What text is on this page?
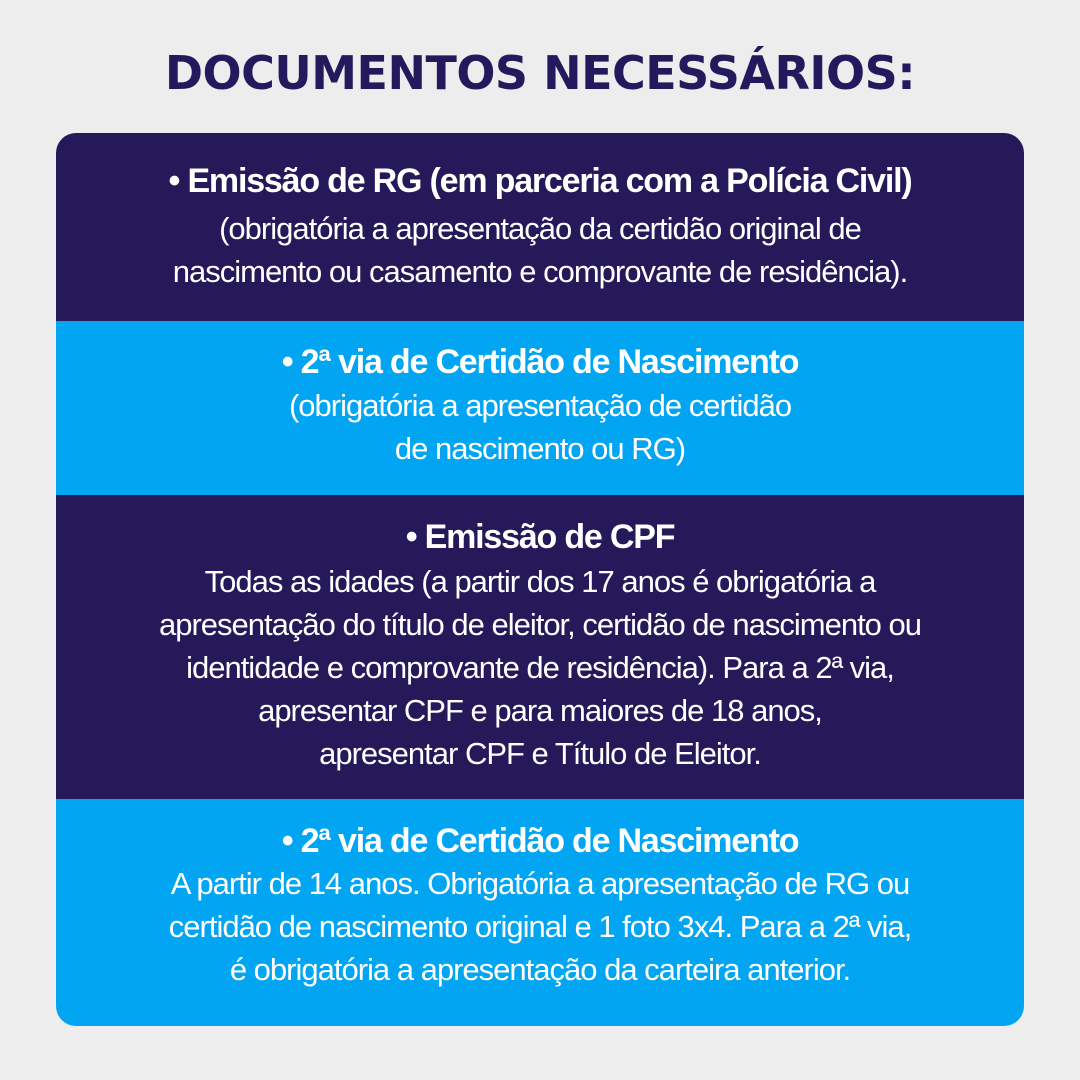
DOCUMENTOS NECESSÁRIOS:
• Emissão de RG (em parceria com a Polícia Civil)
(obrigatória a apresentação da certidão original de
nascimento ou casamento e comprovante de residência).
• 2ª via de Certidão de Nascimento
(obrigatória a apresentação de certidão
de nascimento ou RG)
• Emissão de CPF
Todas as idades (a partir dos 17 anos é obrigatória a
apresentação do título de eleitor, certidão de nascimento ou
identidade e comprovante de residência). Para a 2ª via,
apresentar CPF e para maiores de 18 anos,
apresentar CPF e Título de Eleitor.
• 2ª via de Certidão de Nascimento
A partir de 14 anos. Obrigatória a apresentação de RG ou
certidão de nascimento original e 1 foto 3x4. Para a 2ª via,
é obrigatória a apresentação da carteira anterior.
